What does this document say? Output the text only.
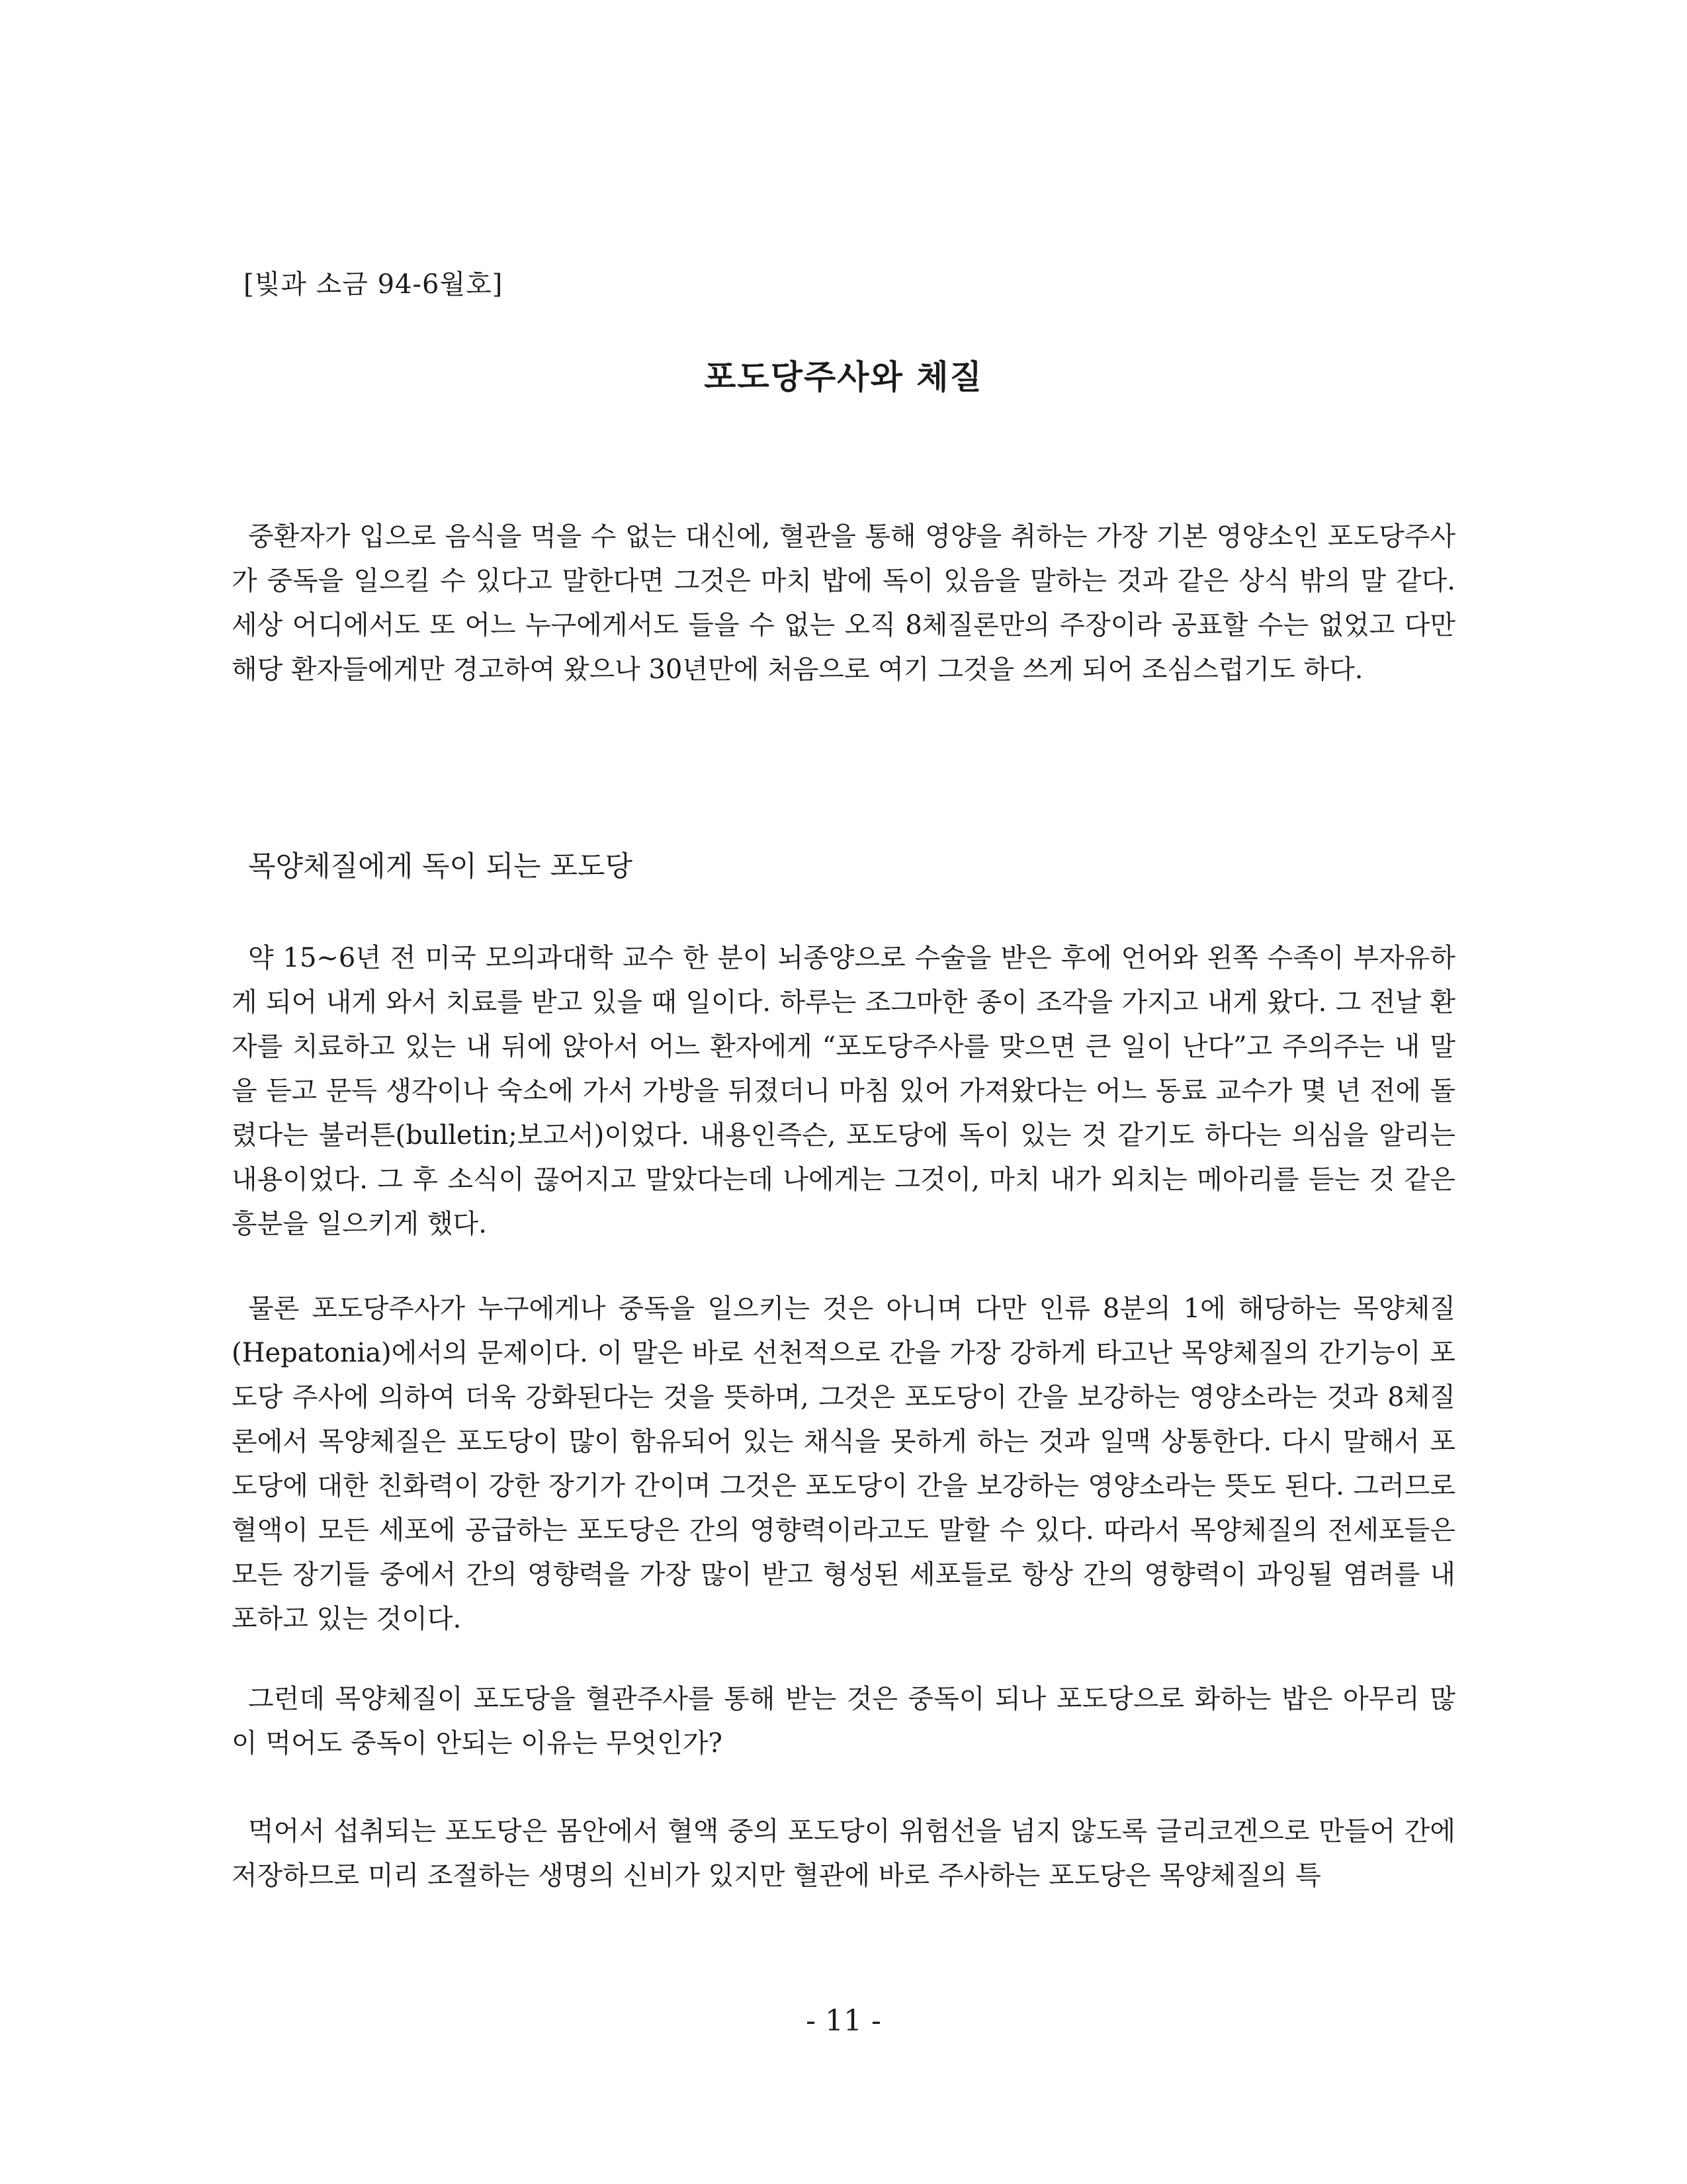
[빛과 소금 94-6월호]
포도당주사와 체질

중환자가 입으로 음식을 먹을 수 없는 대신에, 혈관을 통해 영양을 취하는 가장 기본 영양소인 포도당주사가 중독을 일으킬 수 있다고 말한다면 그것은 마치 밥에 독이 있음을 말하는 것과 같은 상식 밖의 말 같다. 세상 어디에서도 또 어느 누구에게서도 들을 수 없는 오직 8체질론만의 주장이라 공표할 수는 없었고 다만 해당 환자들에게만 경고하여 왔으나 30년만에 처음으로 여기 그것을 쓰게 되어 조심스럽기도 하다.

목양체질에게 독이 되는 포도당

약 15~6년 전 미국 모의과대학 교수 한 분이 뇌종양으로 수술을 받은 후에 언어와 왼쪽 수족이 부자유하게 되어 내게 와서 치료를 받고 있을 때 일이다. 하루는 조그마한 종이 조각을 가지고 내게 왔다. 그 전날 환자를 치료하고 있는 내 뒤에 앉아서 어느 환자에게 “포도당주사를 맞으면 큰 일이 난다”고 주의주는 내 말을 듣고 문득 생각이나 숙소에 가서 가방을 뒤졌더니 마침 있어 가져왔다는 어느 동료 교수가 몇 년 전에 돌렸다는 불러튼(bulletin;보고서)이었다. 내용인즉슨, 포도당에 독이 있는 것 같기도 하다는 의심을 알리는 내용이었다. 그 후 소식이 끊어지고 말았다는데 나에게는 그것이, 마치 내가 외치는 메아리를 듣는 것 같은 흥분을 일으키게 했다.

물론 포도당주사가 누구에게나 중독을 일으키는 것은 아니며 다만 인류 8분의 1에 해당하는 목양체질(Hepatonia)에서의 문제이다. 이 말은 바로 선천적으로 간을 가장 강하게 타고난 목양체질의 간기능이 포도당 주사에 의하여 더욱 강화된다는 것을 뜻하며, 그것은 포도당이 간을 보강하는 영양소라는 것과 8체질론에서 목양체질은 포도당이 많이 함유되어 있는 채식을 못하게 하는 것과 일맥 상통한다. 다시 말해서 포도당에 대한 친화력이 강한 장기가 간이며 그것은 포도당이 간을 보강하는 영양소라는 뜻도 된다. 그러므로 혈액이 모든 세포에 공급하는 포도당은 간의 영향력이라고도 말할 수 있다. 따라서 목양체질의 전세포들은 모든 장기들 중에서 간의 영향력을 가장 많이 받고 형성된 세포들로 항상 간의 영향력이 과잉될 염려를 내포하고 있는 것이다.

그런데 목양체질이 포도당을 혈관주사를 통해 받는 것은 중독이 되나 포도당으로 화하는 밥은 아무리 많이 먹어도 중독이 안되는 이유는 무엇인가?

먹어서 섭취되는 포도당은 몸안에서 혈액 중의 포도당이 위험선을 넘지 않도록 글리코겐으로 만들어 간에 저장하므로 미리 조절하는 생명의 신비가 있지만 혈관에 바로 주사하는 포도당은 목양체질의 특

- 11 -
